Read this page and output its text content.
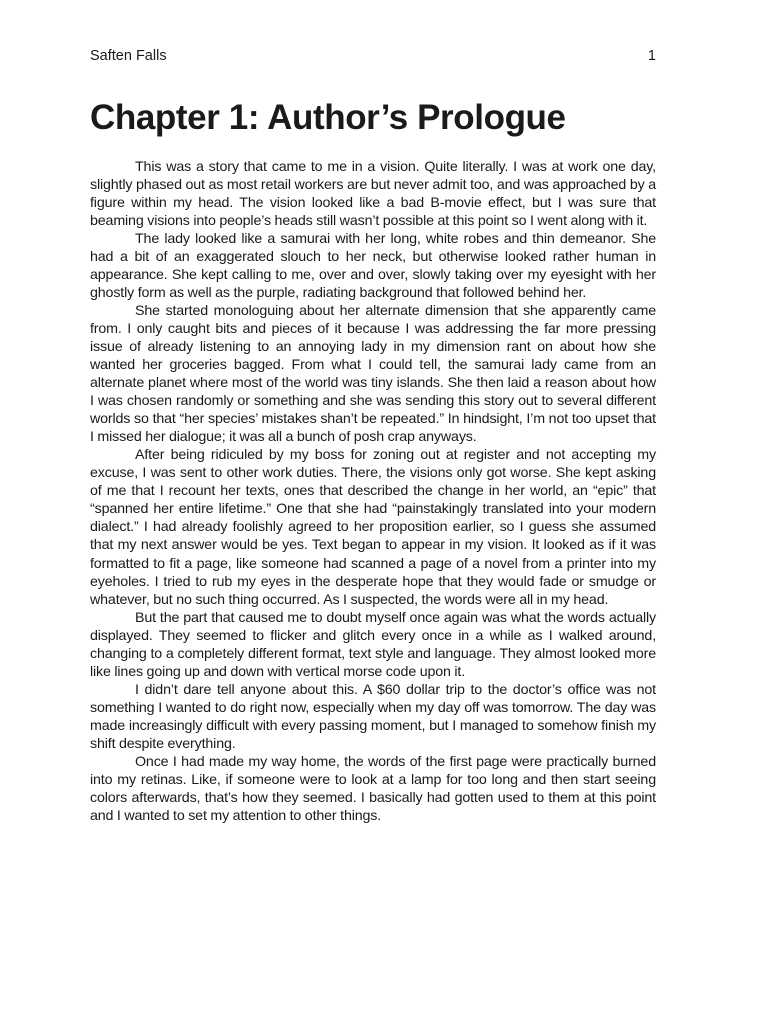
Saften Falls	1
Chapter 1: Author’s Prologue

This was a story that came to me in a vision. Quite literally. I was at work one day, slightly phased out as most retail workers are but never admit too, and was approached by a figure within my head. The vision looked like a bad B-movie effect, but I was sure that beaming visions into people’s heads still wasn’t possible at this point so I went along with it.

The lady looked like a samurai with her long, white robes and thin demeanor. She had a bit of an exaggerated slouch to her neck, but otherwise looked rather human in appearance. She kept calling to me, over and over, slowly taking over my eyesight with her ghostly form as well as the purple, radiating background that followed behind her.

She started monologuing about her alternate dimension that she apparently came from. I only caught bits and pieces of it because I was addressing the far more pressing issue of already listening to an annoying lady in my dimension rant on about how she wanted her groceries bagged. From what I could tell, the samurai lady came from an alternate planet where most of the world was tiny islands. She then laid a reason about how I was chosen randomly or something and she was sending this story out to several different worlds so that “her species’ mistakes shan’t be repeated.” In hindsight, I’m not too upset that I missed her dialogue; it was all a bunch of posh crap anyways.

After being ridiculed by my boss for zoning out at register and not accepting my excuse, I was sent to other work duties. There, the visions only got worse. She kept asking of me that I recount her texts, ones that described the change in her world, an “epic” that “spanned her entire lifetime.” One that she had “painstakingly translated into your modern dialect.” I had already foolishly agreed to her proposition earlier, so I guess she assumed that my next answer would be yes. Text began to appear in my vision. It looked as if it was formatted to fit a page, like someone had scanned a page of a novel from a printer into my eyeholes. I tried to rub my eyes in the desperate hope that they would fade or smudge or whatever, but no such thing occurred. As I suspected, the words were all in my head.

But the part that caused me to doubt myself once again was what the words actually displayed. They seemed to flicker and glitch every once in a while as I walked around, changing to a completely different format, text style and language. They almost looked more like lines going up and down with vertical morse code upon it.

I didn’t dare tell anyone about this. A $60 dollar trip to the doctor’s office was not something I wanted to do right now, especially when my day off was tomorrow. The day was made increasingly difficult with every passing moment, but I managed to somehow finish my shift despite everything.

Once I had made my way home, the words of the first page were practically burned into my retinas. Like, if someone were to look at a lamp for too long and then start seeing colors afterwards, that’s how they seemed. I basically had gotten used to them at this point and I wanted to set my attention to other things.
